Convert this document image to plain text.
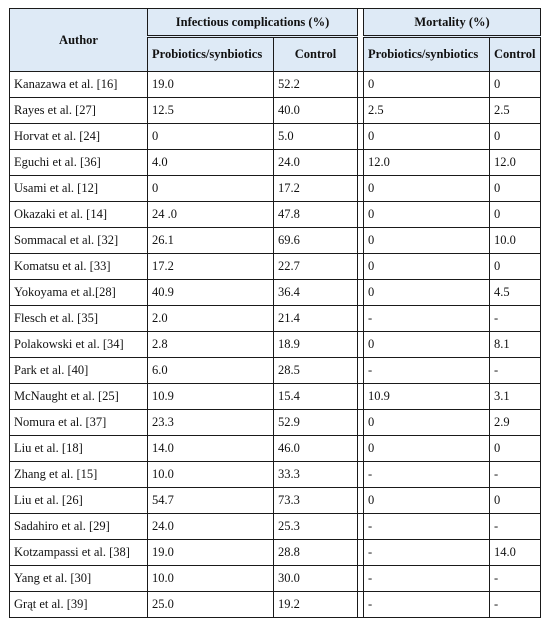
Author	Infectious complications (%)			Mortality (%)	
	Probiotics/synbiotics	Control		Probiotics/synbiotics	Control
Kanazawa et al. [16]	19.0	52.2		0	0
Rayes et al. [27]	12.5	40.0		2.5	2.5
Horvat et al. [24]	0	5.0		0	0
Eguchi et al. [36]	4.0	24.0		12.0	12.0
Usami et al. [12]	0	17.2		0	0
Okazaki et al. [14]	24 .0	47.8		0	0
Sommacal et al. [32]	26.1	69.6		0	10.0
Komatsu et al. [33]	17.2	22.7		0	0
Yokoyama et al.[28]	40.9	36.4		0	4.5
Flesch et al. [35]	2.0	21.4		-	-
Polakowski et al. [34]	2.8	18.9		0	8.1
Park et al. [40]	6.0	28.5		-	-
McNaught et al. [25]	10.9	15.4		10.9	3.1
Nomura et al. [37]	23.3	52.9		0	2.9
Liu et al. [18]	14.0	46.0		0	0
Zhang et al. [15]	10.0	33.3		-	-
Liu et al. [26]	54.7	73.3		0	0
Sadahiro et al. [29]	24.0	25.3		-	-
Kotzampassi et al. [38]	19.0	28.8		-	14.0
Yang et al. [30]	10.0	30.0		-	-
Grąt et al. [39]	25.0	19.2		-	-
